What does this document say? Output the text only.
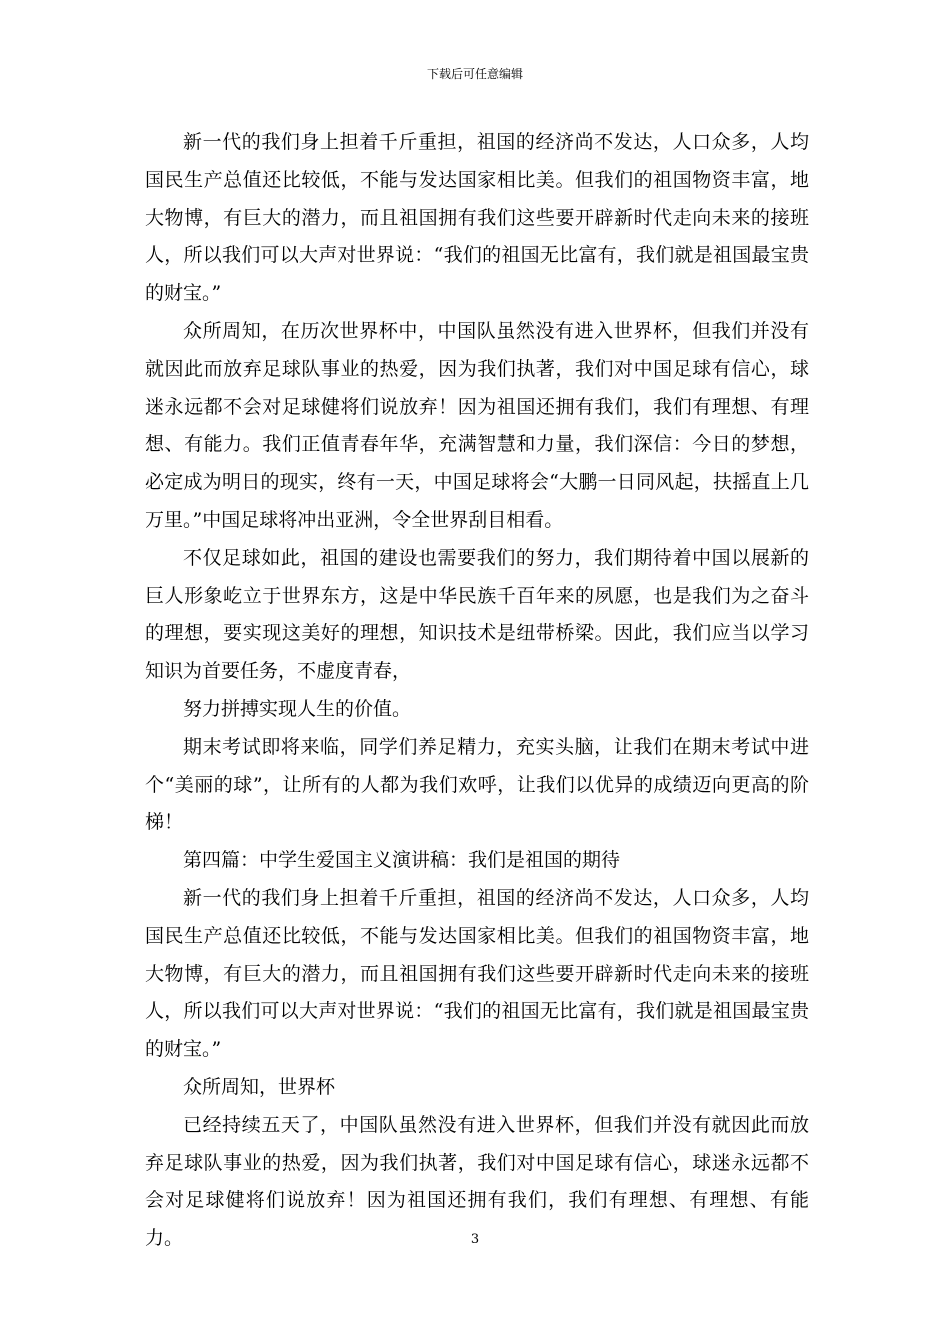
下载后可任意编辑

新一代的我们身上担着千斤重担，祖国的经济尚不发达，人口众多，人均国民生产总值还比较低，不能与发达国家相比美。但我们的祖国物资丰富，地大物博，有巨大的潜力，而且祖国拥有我们这些要开辟新时代走向未来的接班人，所以我们可以大声对世界说：“我们的祖国无比富有，我们就是祖国最宝贵的财宝。”

众所周知，在历次世界杯中，中国队虽然没有进入世界杯，但我们并没有就因此而放弃足球队事业的热爱，因为我们执著，我们对中国足球有信心，球迷永远都不会对足球健将们说放弃！因为祖国还拥有我们，我们有理想、有理想、有能力。我们正值青春年华，充满智慧和力量，我们深信：今日的梦想，必定成为明日的现实，终有一天，中国足球将会“大鹏一日同风起，扶摇直上几万里。”中国足球将冲出亚洲，令全世界刮目相看。

不仅足球如此，祖国的建设也需要我们的努力，我们期待着中国以展新的巨人形象屹立于世界东方，这是中华民族千百年来的夙愿，也是我们为之奋斗的理想，要实现这美好的理想，知识技术是纽带桥梁。因此，我们应当以学习知识为首要任务，不虚度青春，

努力拼搏实现人生的价值。

期末考试即将来临，同学们养足精力，充实头脑，让我们在期末考试中进个“美丽的球”，让所有的人都为我们欢呼，让我们以优异的成绩迈向更高的阶梯！

第四篇：中学生爱国主义演讲稿：我们是祖国的期待

新一代的我们身上担着千斤重担，祖国的经济尚不发达，人口众多，人均国民生产总值还比较低，不能与发达国家相比美。但我们的祖国物资丰富，地大物博，有巨大的潜力，而且祖国拥有我们这些要开辟新时代走向未来的接班人，所以我们可以大声对世界说：“我们的祖国无比富有，我们就是祖国最宝贵的财宝。”

众所周知，世界杯

已经持续五天了，中国队虽然没有进入世界杯，但我们并没有就因此而放弃足球队事业的热爱，因为我们执著，我们对中国足球有信心，球迷永远都不会对足球健将们说放弃！因为祖国还拥有我们，我们有理想、有理想、有能力。	3
